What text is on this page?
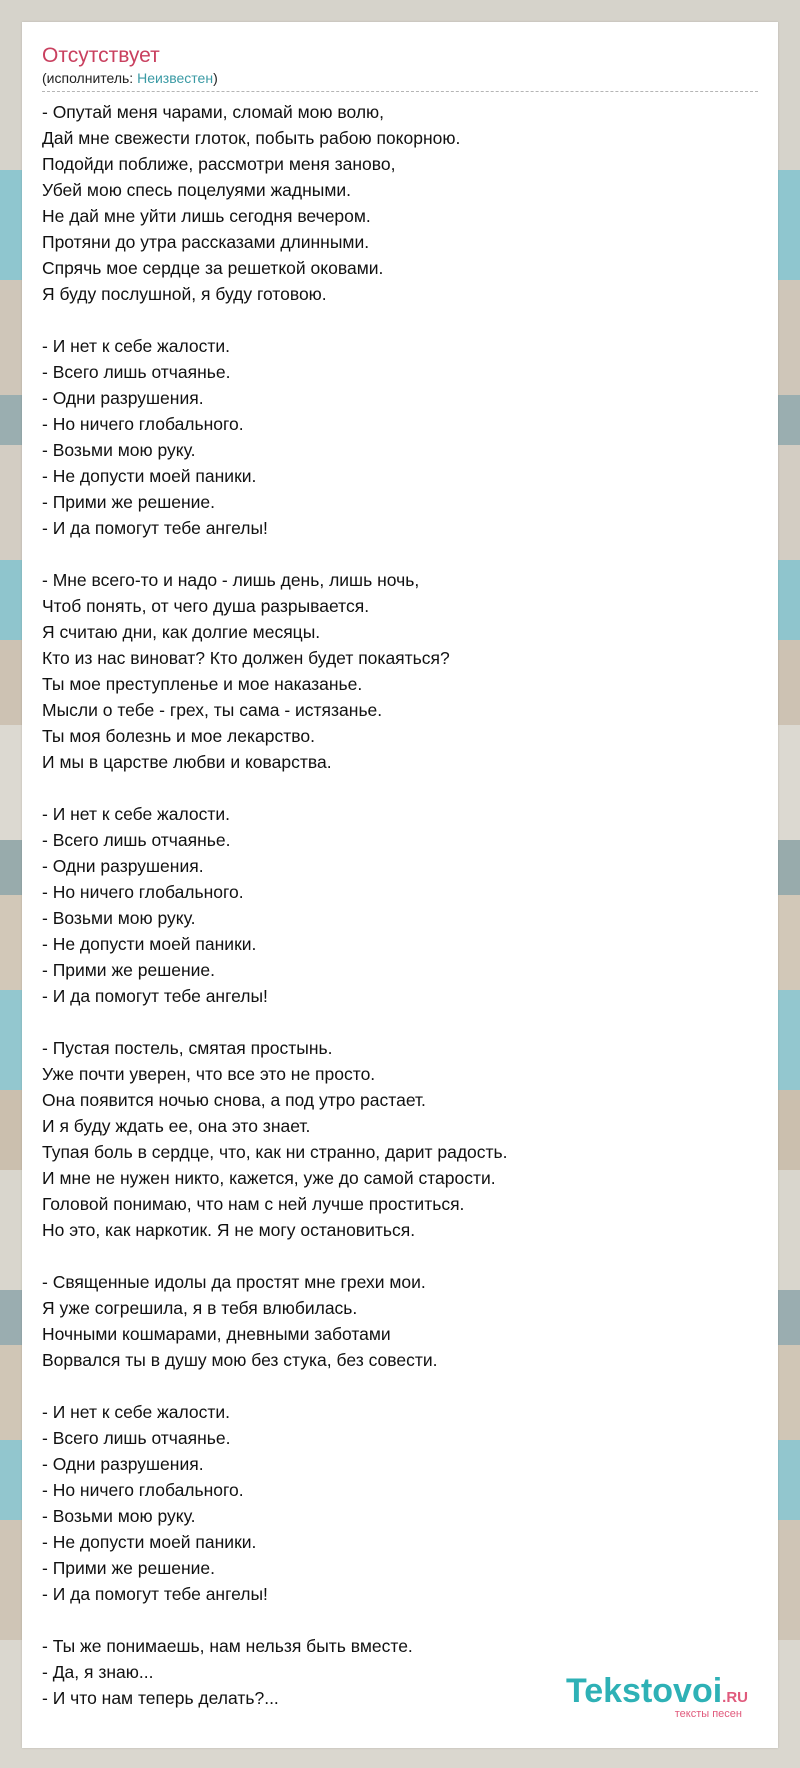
Отсутствует
(исполнитель: Неизвестен)
- Опутай меня чарами, сломай мою волю,
Дай мне свежести глоток, побыть рабою покорною.
Подойди поближе, рассмотри меня заново,
Убей мою спесь поцелуями жадными.
Не дай мне уйти лишь сегодня вечером.
Протяни до утра рассказами длинными.
Спрячь мое сердце за решеткой оковами.
Я буду послушной, я буду готовою.
- И нет к себе жалости.
- Всего лишь отчаянье.
- Одни разрушения.
- Но ничего глобального.
- Возьми мою руку.
- Не допусти моей паники.
- Прими же решение.
- И да помогут тебе ангелы!
- Мне всего-то и надо - лишь день, лишь ночь,
Чтоб понять, от чего душа разрывается.
Я считаю дни, как долгие месяцы.
Кто из нас виноват? Кто должен будет покаяться?
Ты мое преступленье и мое наказанье.
Мысли о тебе - грех, ты сама - истязанье.
Ты моя болезнь и мое лекарство.
И мы в царстве любви и коварства.
- И нет к себе жалости.
- Всего лишь отчаянье.
- Одни разрушения.
- Но ничего глобального.
- Возьми мою руку.
- Не допусти моей паники.
- Прими же решение.
- И да помогут тебе ангелы!
- Пустая постель, смятая простынь.
Уже почти уверен, что все это не просто.
Она появится ночью снова, а под утро растает.
И я буду ждать ее, она это знает.
Тупая боль в сердце, что, как ни странно, дарит радость.
И мне не нужен никто, кажется, уже до самой старости.
Головой понимаю, что нам с ней лучше проститься.
Но это, как наркотик. Я не могу остановиться.
- Священные идолы да простят мне грехи мои.
Я уже согрешила, я в тебя влюбилась.
Ночными кошмарами, дневными заботами
Ворвался ты в душу мою без стука, без совести.
- И нет к себе жалости.
- Всего лишь отчаянье.
- Одни разрушения.
- Но ничего глобального.
- Возьми мою руку.
- Не допусти моей паники.
- Прими же решение.
- И да помогут тебе ангелы!
- Ты же понимаешь, нам нельзя быть вместе.
- Да, я знаю...
- И что нам теперь делать?...	Tekstovoi.RU
тексты песен
